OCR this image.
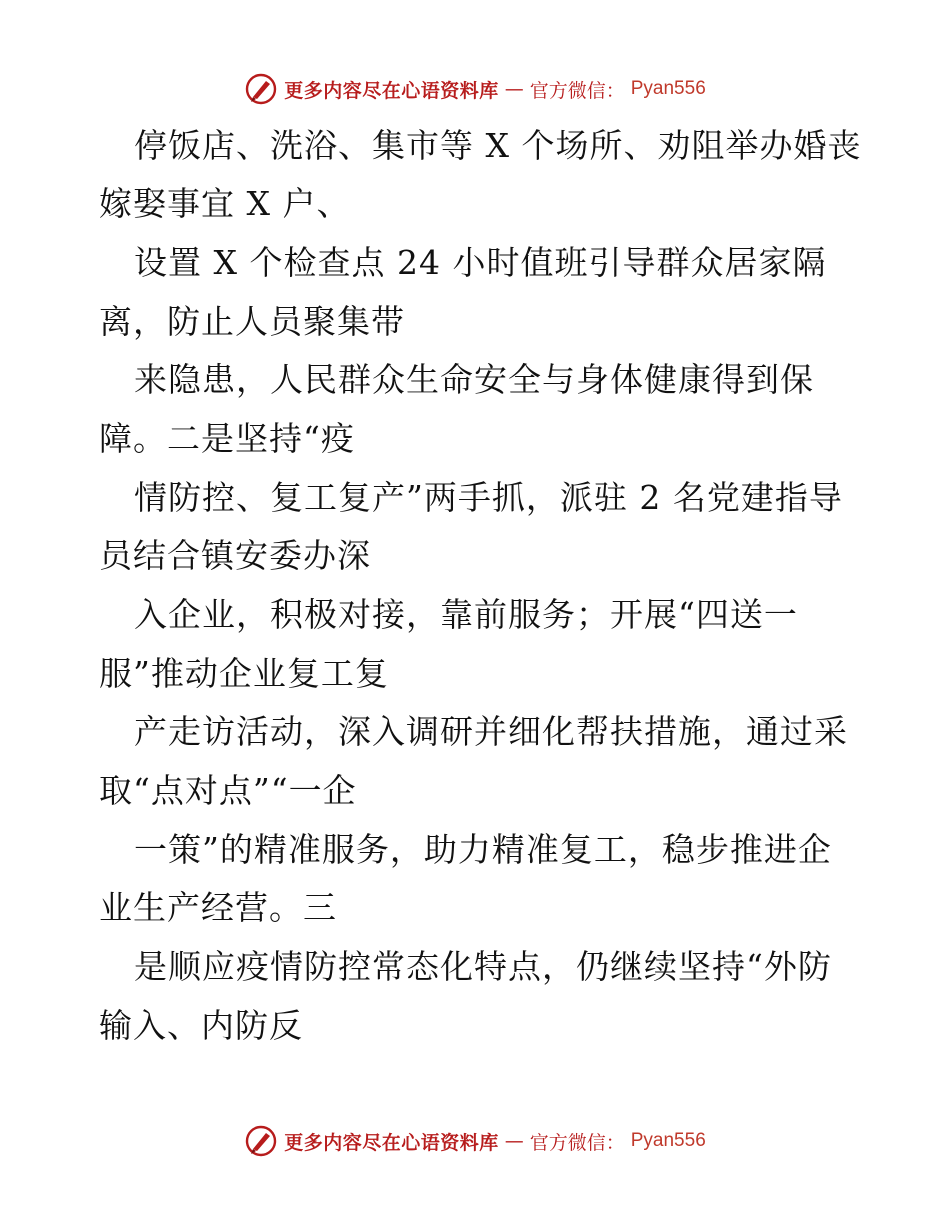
更多内容尽在心语资料库 — 官方微信： Pyan556
停饭店、洗浴、集市等 X 个场所、劝阻举办婚丧
嫁娶事宜 X 户、
设置 X 个检查点 24 小时值班引导群众居家隔
离，防止人员聚集带
来隐患，人民群众生命安全与身体健康得到保
障。二是坚持“疫
情防控、复工复产”两手抓，派驻 2 名党建指导
员结合镇安委办深
入企业，积极对接，靠前服务；开展“四送一
服”推动企业复工复
产走访活动，深入调研并细化帮扶措施，通过采
取“点对点”“一企
一策”的精准服务，助力精准复工，稳步推进企
业生产经营。三
是顺应疫情防控常态化特点，仍继续坚持“外防
输入、内防反
更多内容尽在心语资料库 — 官方微信： Pyan556
